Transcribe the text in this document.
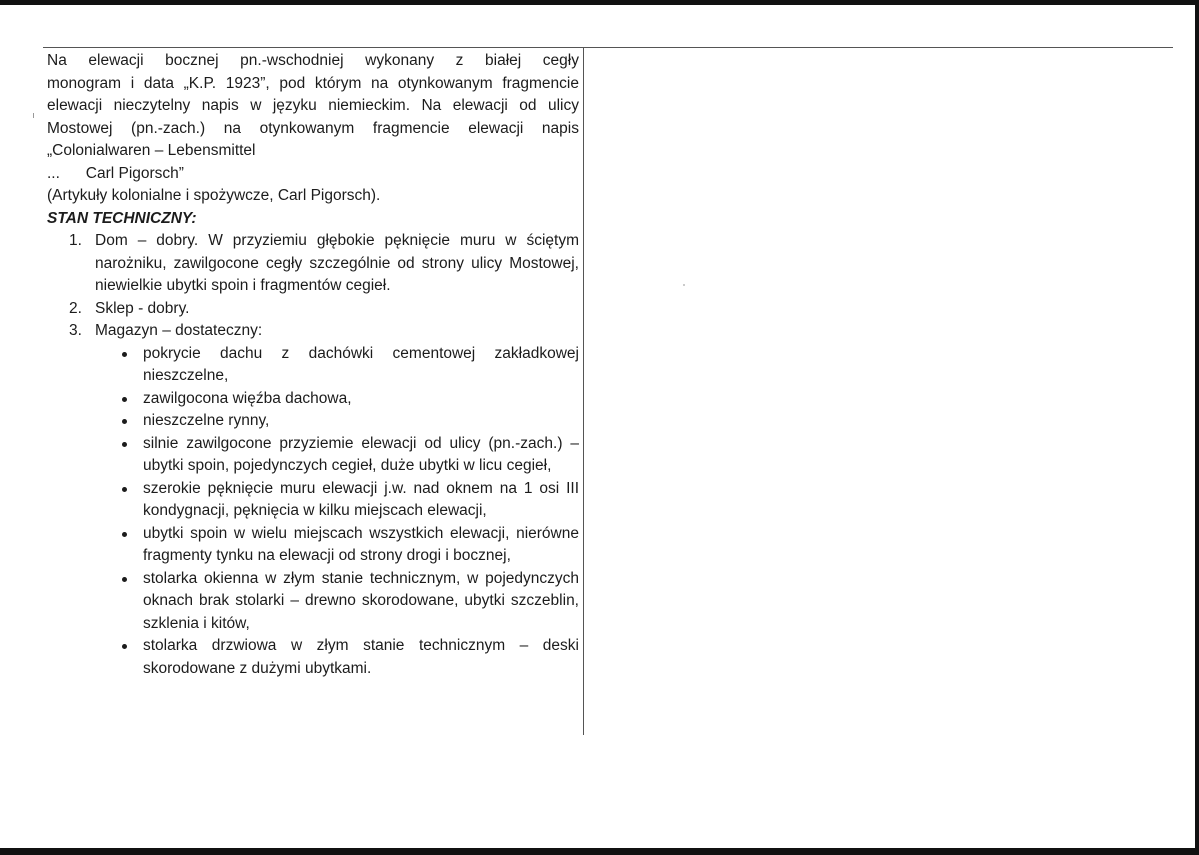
Na elewacji bocznej pn.-wschodniej wykonany z białej cegły
monogram i data „K.P. 1923”, pod którym na otynkowanym fragmencie
elewacji nieczytelny napis w języku niemieckim. Na elewacji od ulicy
Mostowej (pn.-zach.) na otynkowanym fragmencie elewacji napis
„Colonialwaren – Lebensmittel
...      Carl Pigorsch”
(Artykuły kolonialne i spożywcze, Carl Pigorsch).
STAN TECHNICZNY:
1. Dom – dobry. W przyziemiu głębokie pęknięcie muru w ściętym narożniku, zawilgocone cegły szczególnie od strony ulicy Mostowej, niewielkie ubytki spoin i fragmentów cegieł.

2. Sklep - dobry.

3. Magazyn – dostateczny:

pokrycie dachu z dachówki cementowej zakładkowej nieszczelne,
zawilgocona więźba dachowa,
nieszczelne rynny,
silnie zawilgocone przyziemie elewacji od ulicy (pn.-zach.) – ubytki spoin, pojedynczych cegieł, duże ubytki w licu cegieł,
szerokie pęknięcie muru elewacji j.w. nad oknem na 1 osi III kondygnacji, pęknięcia w kilku miejscach elewacji,
ubytki spoin w wielu miejscach wszystkich elewacji, nierówne fragmenty tynku na elewacji od strony drogi i bocznej,
stolarka okienna w złym stanie technicznym, w pojedynczych oknach brak stolarki – drewno skorodowane, ubytki szczeblin, szklenia i kitów,
stolarka drzwiowa w złym stanie technicznym – deski skorodowane z dużymi ubytkami.
